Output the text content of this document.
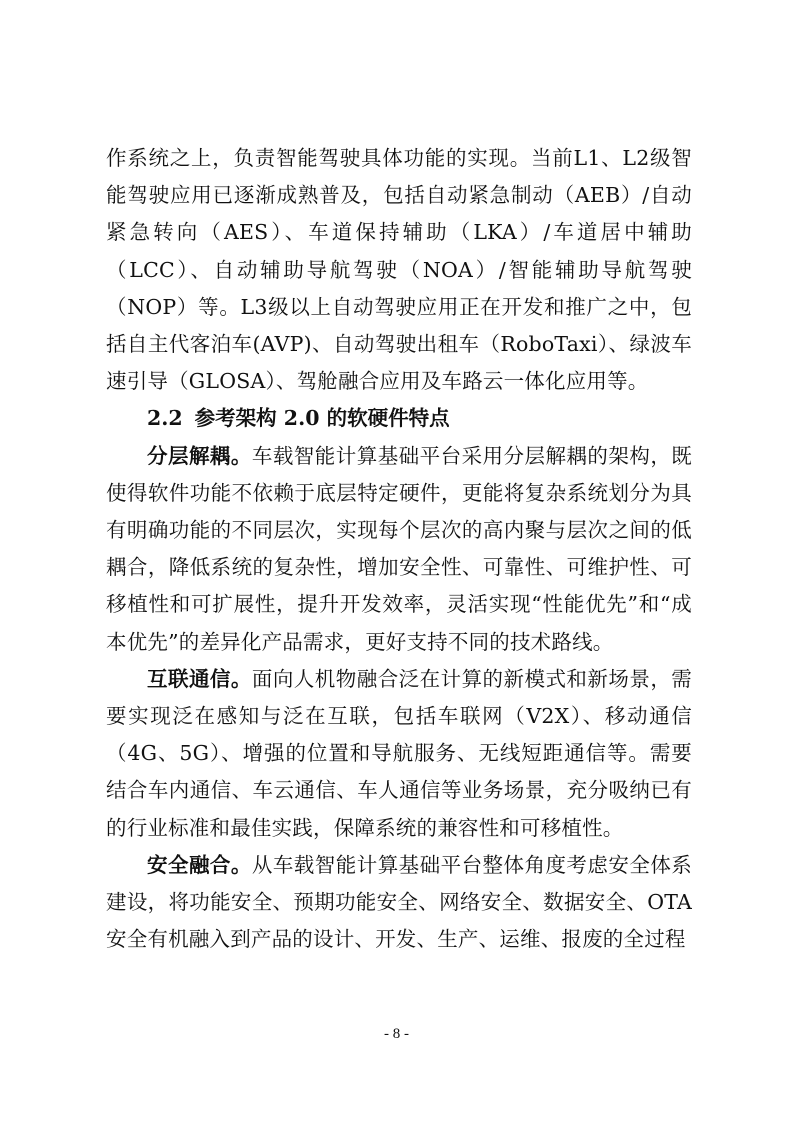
作系统之上，负责智能驾驶具体功能的实现。当前L1、L2级智能驾驶应用已逐渐成熟普及，包括自动紧急制动（AEB）/自动紧急转向（AES）、车道保持辅助（LKA）/车道居中辅助（LCC）、自动辅助导航驾驶（NOA）/智能辅助导航驾驶（NOP）等。L3级以上自动驾驶应用正在开发和推广之中，包括自主代客泊车(AVP)、自动驾驶出租车（RoboTaxi）、绿波车速引导（GLOSA）、驾舱融合应用及车路云一体化应用等。

2.2 参考架构 2.0 的软硬件特点

分层解耦。车载智能计算基础平台采用分层解耦的架构，既使得软件功能不依赖于底层特定硬件，更能将复杂系统划分为具有明确功能的不同层次，实现每个层次的高内聚与层次之间的低耦合，降低系统的复杂性，增加安全性、可靠性、可维护性、可移植性和可扩展性，提升开发效率，灵活实现“性能优先”和“成本优先”的差异化产品需求，更好支持不同的技术路线。

互联通信。面向人机物融合泛在计算的新模式和新场景，需要实现泛在感知与泛在互联，包括车联网（V2X）、移动通信（4G、5G）、增强的位置和导航服务、无线短距通信等。需要结合车内通信、车云通信、车人通信等业务场景，充分吸纳已有的行业标准和最佳实践，保障系统的兼容性和可移植性。

安全融合。从车载智能计算基础平台整体角度考虑安全体系建设，将功能安全、预期功能安全、网络安全、数据安全、OTA安全有机融入到产品的设计、开发、生产、运维、报废的全过程

- 8 -
